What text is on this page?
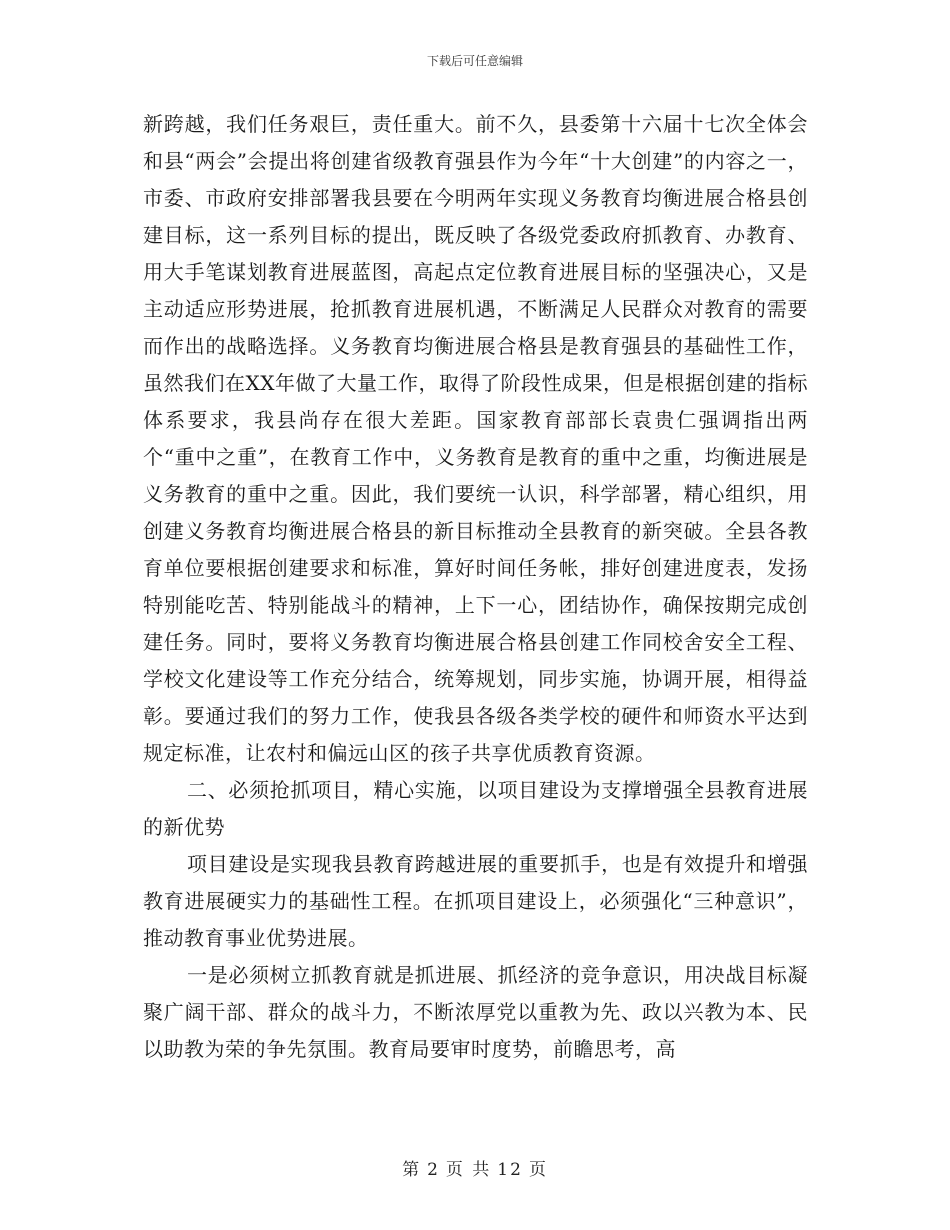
下载后可任意编辑

新跨越，我们任务艰巨，责任重大。前不久，县委第十六届十七次全体会和县“两会”会提出将创建省级教育强县作为今年“十大创建”的内容之一，市委、市政府安排部署我县要在今明两年实现义务教育均衡进展合格县创建目标，这一系列目标的提出，既反映了各级党委政府抓教育、办教育、用大手笔谋划教育进展蓝图，高起点定位教育进展目标的坚强决心，又是主动适应形势进展，抢抓教育进展机遇，不断满足人民群众对教育的需要而作出的战略选择。义务教育均衡进展合格县是教育强县的基础性工作，虽然我们在XX年做了大量工作，取得了阶段性成果，但是根据创建的指标体系要求，我县尚存在很大差距。国家教育部部长袁贵仁强调指出两个“重中之重”，在教育工作中，义务教育是教育的重中之重，均衡进展是义务教育的重中之重。因此，我们要统一认识，科学部署，精心组织，用创建义务教育均衡进展合格县的新目标推动全县教育的新突破。全县各教育单位要根据创建要求和标准，算好时间任务帐，排好创建进度表，发扬特别能吃苦、特别能战斗的精神，上下一心，团结协作，确保按期完成创建任务。同时，要将义务教育均衡进展合格县创建工作同校舍安全工程、学校文化建设等工作充分结合，统筹规划，同步实施，协调开展，相得益彰。要通过我们的努力工作，使我县各级各类学校的硬件和师资水平达到规定标准，让农村和偏远山区的孩子共享优质教育资源。

二、必须抢抓项目，精心实施，以项目建设为支撑增强全县教育进展的新优势

项目建设是实现我县教育跨越进展的重要抓手，也是有效提升和增强教育进展硬实力的基础性工程。在抓项目建设上，必须强化“三种意识”，推动教育事业优势进展。

一是必须树立抓教育就是抓进展、抓经济的竞争意识，用决战目标凝聚广阔干部、群众的战斗力，不断浓厚党以重教为先、政以兴教为本、民以助教为荣的争先氛围。教育局要审时度势，前瞻思考，高

第 2 页 共 12 页
